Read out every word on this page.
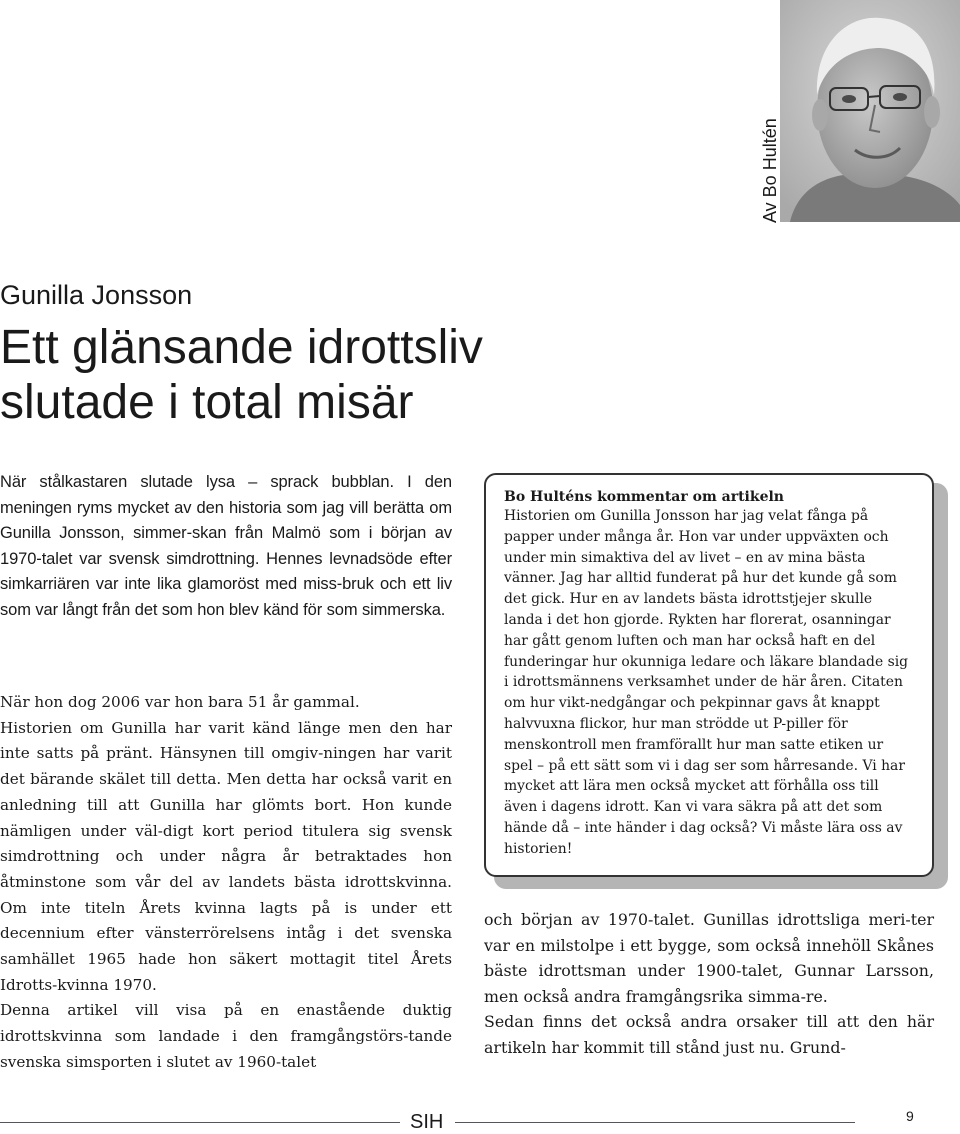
Av Bo Hultén
Gunilla Jonsson
Ett glänsande idrottsliv
slutade i total misär

När stålkastaren slutade lysa – sprack bubblan. I den meningen ryms mycket av den historia som jag vill berätta om Gunilla Jonsson, simmer-skan från Malmö som i början av 1970-talet var svensk simdrottning. Hennes levnadsöde efter simkarriären var inte lika glamoröst med miss-bruk och ett liv som var långt från det som hon blev känd för som simmerska.

När hon dog 2006 var hon bara 51 år gammal.

Historien om Gunilla har varit känd länge men den har inte satts på pränt. Hänsynen till omgiv-ningen har varit det bärande skälet till detta. Men detta har också varit en anledning till att Gunilla har glömts bort. Hon kunde nämligen under väl-digt kort period titulera sig svensk simdrottning och under några år betraktades hon åtminstone som vår del av landets bästa idrottskvinna. Om inte titeln Årets kvinna lagts på is under ett decennium efter vänsterrörelsens intåg i det svenska samhället 1965 hade hon säkert mottagit titel Årets Idrotts-kvinna 1970.

Denna artikel vill visa på en enastående duktig idrottskvinna som landade i den framgångstörs-tande svenska simsporten i slutet av 1960-talet

Bo Hulténs kommentar om artikeln

Historien om Gunilla Jonsson har jag velat fånga på papper under många år. Hon var under uppväxten och under min simaktiva del av livet – en av mina bästa vänner. Jag har alltid funderat på hur det kunde gå som det gick. Hur en av landets bästa idrottstjejer skulle landa i det hon gjorde. Rykten har florerat, osanningar har gått genom luften och man har också haft en del funderingar hur okunniga ledare och läkare blandade sig i idrottsmännens verksamhet under de här åren. Citaten om hur vikt-nedgångar och pekpinnar gavs åt knappt halvvuxna flickor, hur man strödde ut P-piller för menskontroll men framförallt hur man satte etiken ur spel – på ett sätt som vi i dag ser som hårresande. Vi har mycket att lära men också mycket att förhålla oss till även i dagens idrott. Kan vi vara säkra på att det som hände då – inte händer i dag också? Vi måste lära oss av historien!

och början av 1970-talet. Gunillas idrottsliga meri-ter var en milstolpe i ett bygge, som också innehöll Skånes bäste idrottsman under 1900-talet, Gunnar Larsson, men också andra framgångsrika simma-re.

Sedan finns det också andra orsaker till att den här artikeln har kommit till stånd just nu. Grund-

SIH	9
